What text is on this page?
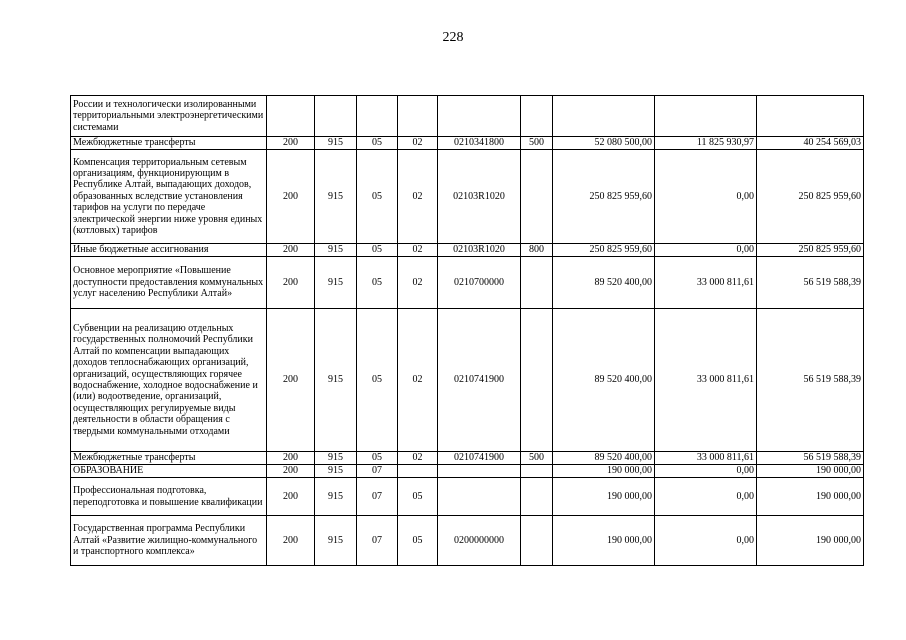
228
России и технологически изолированными территориальными электроэнергетическими системами									
Межбюджетные трансферты	200	915	05	02	0210341800	500	52 080 500,00	11 825 930,97	40 254 569,03
Компенсация территориальным сетевым организациям, функционирующим в Республике Алтай, выпадающих доходов, образованных вследствие установления тарифов на услуги по передаче электрической энергии ниже уровня единых (котловых) тарифов	200	915	05	02	02103R1020		250 825 959,60	0,00	250 825 959,60
Иные бюджетные ассигнования	200	915	05	02	02103R1020	800	250 825 959,60	0,00	250 825 959,60
Основное мероприятие «Повышение доступности предоставления коммунальных услуг населению Республики Алтай»	200	915	05	02	0210700000		89 520 400,00	33 000 811,61	56 519 588,39
Субвенции на реализацию отдельных государственных полномочий Республики Алтай по компенсации выпадающих доходов теплоснабжающих организаций, организаций, осуществляющих горячее водоснабжение, холодное водоснабжение и (или) водоотведение, организаций, осуществляющих регулируемые виды деятельности в области обращения с твердыми коммунальными отходами	200	915	05	02	0210741900		89 520 400,00	33 000 811,61	56 519 588,39
Межбюджетные трансферты	200	915	05	02	0210741900	500	89 520 400,00	33 000 811,61	56 519 588,39
ОБРАЗОВАНИЕ	200	915	07				190 000,00	0,00	190 000,00
Профессиональная подготовка, переподготовка и повышение квалификации	200	915	07	05			190 000,00	0,00	190 000,00
Государственная программа Республики Алтай «Развитие жилищно-коммунального и транспортного комплекса»	200	915	07	05	0200000000		190 000,00	0,00	190 000,00
